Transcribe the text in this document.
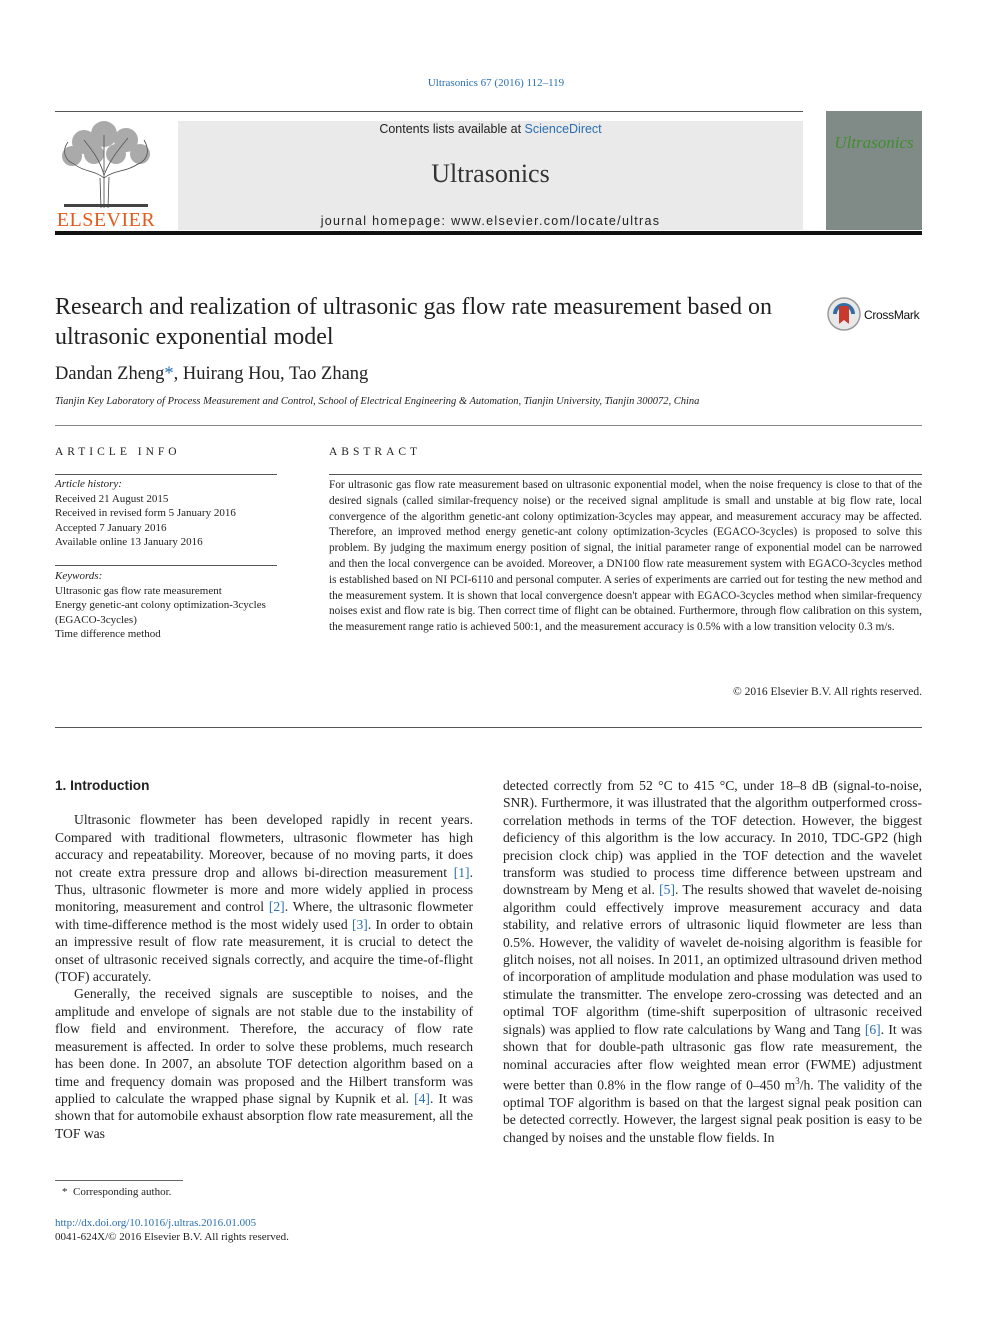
Ultrasonics 67 (2016) 112–119
ELSEVIER
Contents lists available at ScienceDirect
Ultrasonics
journal homepage: www.elsevier.com/locate/ultras
Ultrasonics
Research and realization of ultrasonic gas flow rate measurement based on ultrasonic exponential model
CrossMark
Dandan Zheng*, Huirang Hou, Tao Zhang
Tianjin Key Laboratory of Process Measurement and Control, School of Electrical Engineering & Automation, Tianjin University, Tianjin 300072, China
ARTICLE INFO	ABSTRACT
Article history:
Received 21 August 2015
Received in revised form 5 January 2016
Accepted 7 January 2016
Available online 13 January 2016
Keywords:
Ultrasonic gas flow rate measurement
Energy genetic-ant colony optimization-3cycles (EGACO-3cycles)
Time difference method
For ultrasonic gas flow rate measurement based on ultrasonic exponential model, when the noise frequency is close to that of the desired signals (called similar-frequency noise) or the received signal amplitude is small and unstable at big flow rate, local convergence of the algorithm genetic-ant colony optimization-3cycles may appear, and measurement accuracy may be affected. Therefore, an improved method energy genetic-ant colony optimization-3cycles (EGACO-3cycles) is proposed to solve this problem. By judging the maximum energy position of signal, the initial parameter range of exponential model can be narrowed and then the local convergence can be avoided. Moreover, a DN100 flow rate measurement system with EGACO-3cycles method is established based on NI PCI-6110 and personal computer. A series of experiments are carried out for testing the new method and the measurement system. It is shown that local convergence doesn't appear with EGACO-3cycles method when similar-frequency noises exist and flow rate is big. Then correct time of flight can be obtained. Furthermore, through flow calibration on this system, the measurement range ratio is achieved 500:1, and the measurement accuracy is 0.5% with a low transition velocity 0.3 m/s.
© 2016 Elsevier B.V. All rights reserved.
1. Introduction

Ultrasonic flowmeter has been developed rapidly in recent years. Compared with traditional flowmeters, ultrasonic flowmeter has high accuracy and repeatability. Moreover, because of no moving parts, it does not create extra pressure drop and allows bi-direction measurement [1]. Thus, ultrasonic flowmeter is more and more widely applied in process monitoring, measurement and control [2]. Where, the ultrasonic flowmeter with time-difference method is the most widely used [3]. In order to obtain an impressive result of flow rate measurement, it is crucial to detect the onset of ultrasonic received signals correctly, and acquire the time-of-flight (TOF) accurately.

Generally, the received signals are susceptible to noises, and the amplitude and envelope of signals are not stable due to the instability of flow field and environment. Therefore, the accuracy of flow rate measurement is affected. In order to solve these problems, much research has been done. In 2007, an absolute TOF detection algorithm based on a time and frequency domain was proposed and the Hilbert transform was applied to calculate the wrapped phase signal by Kupnik et al. [4]. It was shown that for automobile exhaust absorption flow rate measurement, all the TOF was

detected correctly from 52 °C to 415 °C, under 18–8 dB (signal-to-noise, SNR). Furthermore, it was illustrated that the algorithm outperformed cross-correlation methods in terms of the TOF detection. However, the biggest deficiency of this algorithm is the low accuracy. In 2010, TDC-GP2 (high precision clock chip) was applied in the TOF detection and the wavelet transform was studied to process time difference between upstream and downstream by Meng et al. [5]. The results showed that wavelet de-noising algorithm could effectively improve measurement accuracy and data stability, and relative errors of ultrasonic liquid flowmeter are less than 0.5%. However, the validity of wavelet de-noising algorithm is feasible for glitch noises, not all noises. In 2011, an optimized ultrasound driven method of incorporation of amplitude modulation and phase modulation was used to stimulate the transmitter. The envelope zero-crossing was detected and an optimal TOF algorithm (time-shift superposition of ultrasonic received signals) was applied to flow rate calculations by Wang and Tang [6]. It was shown that for double-path ultrasonic gas flow rate measurement, the nominal accuracies after flow weighted mean error (FWME) adjustment were better than 0.8% in the flow range of 0–450 $m^3/h$. The validity of the optimal TOF algorithm is based on that the largest signal peak position can be detected correctly. However, the largest signal peak position is easy to be changed by noises and the unstable flow fields. In

* Corresponding author.
http://dx.doi.org/10.1016/j.ultras.2016.01.005
0041-624X/© 2016 Elsevier B.V. All rights reserved.
